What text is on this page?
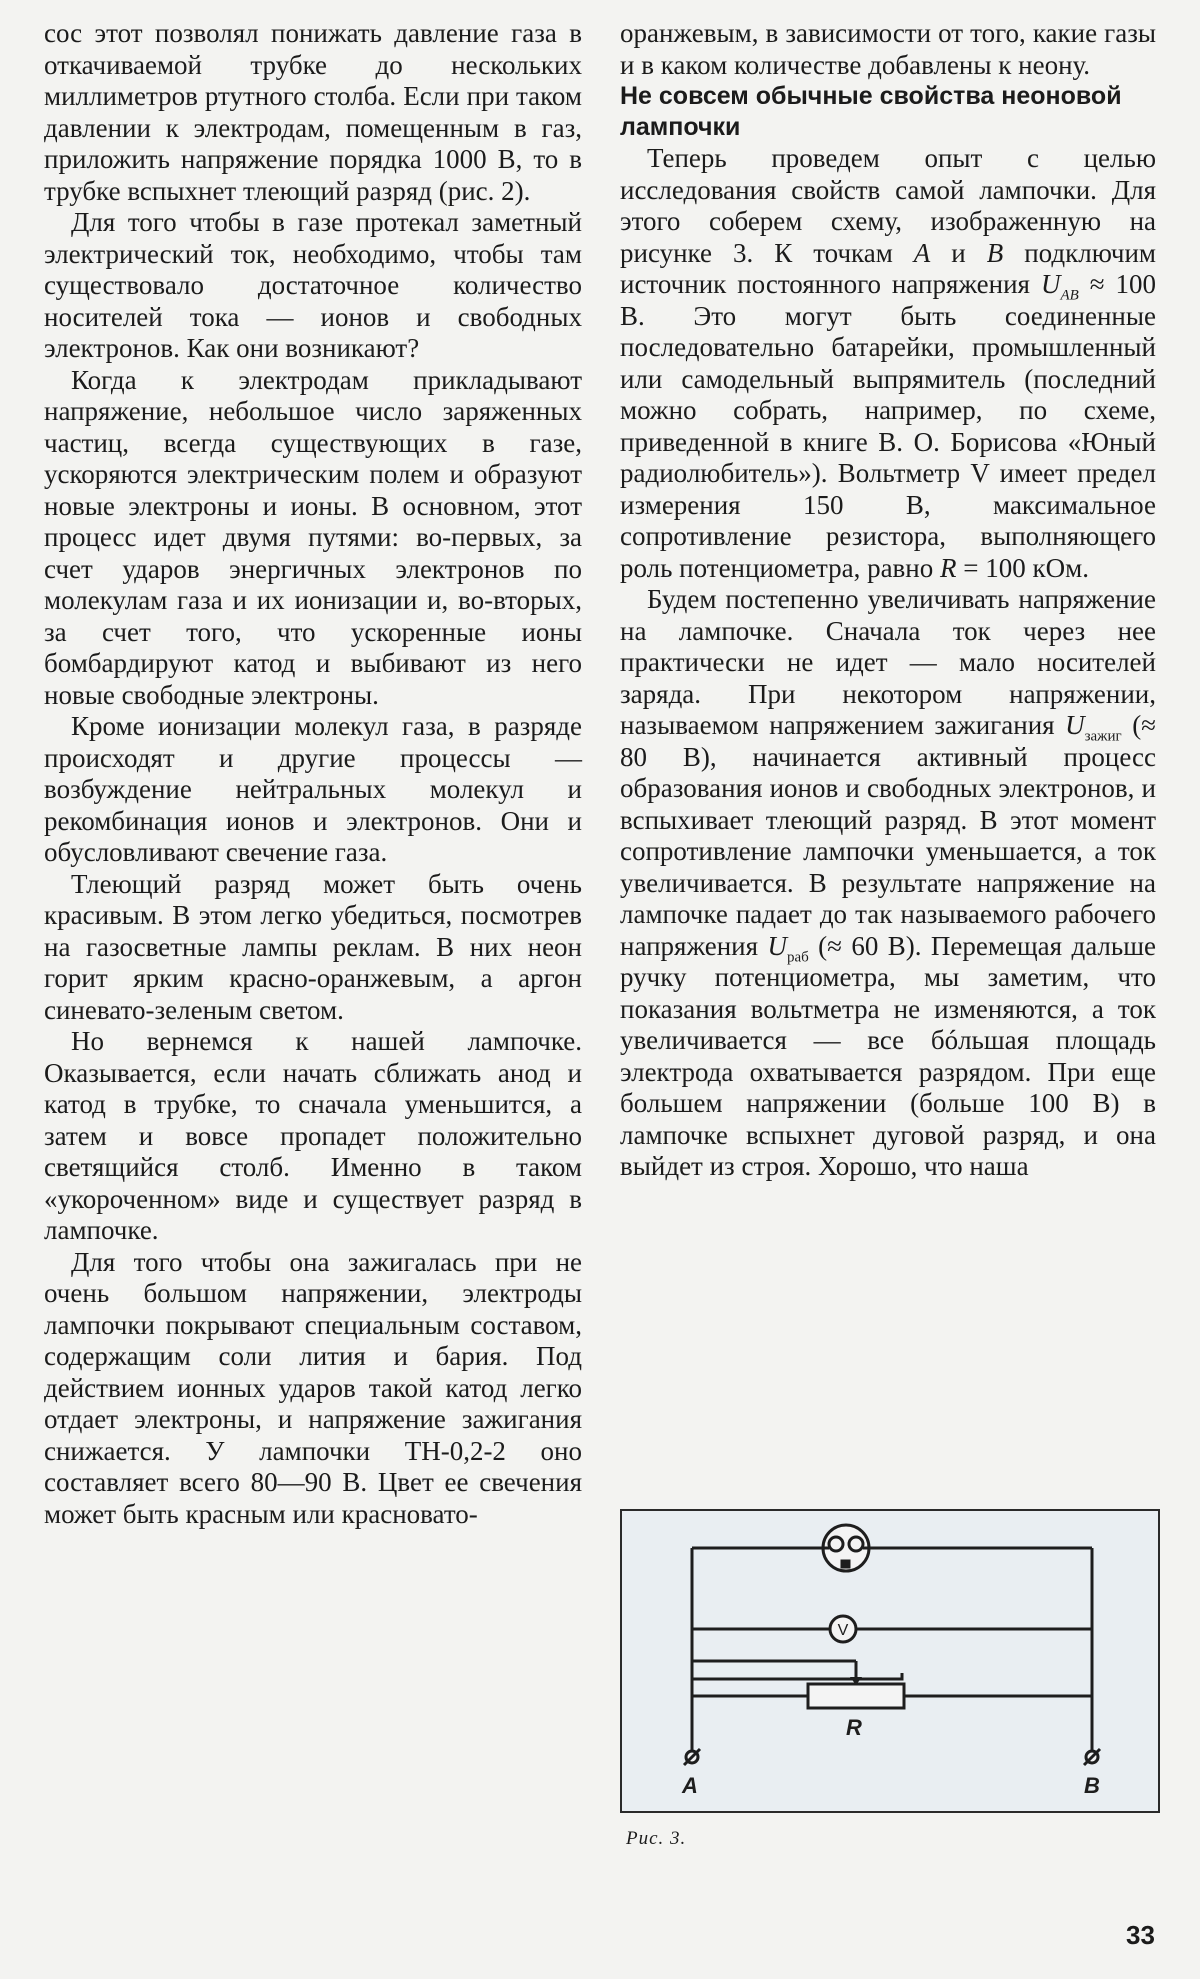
сос этот позволял понижать давление газа в откачиваемой трубке до нескольких миллиметров ртутного столба. Если при таком давлении к электродам, помещенным в газ, приложить напряжение порядка 1000 В, то в трубке вспыхнет тлеющий разряд (рис. 2).

Для того чтобы в газе протекал заметный электрический ток, необходимо, чтобы там существовало достаточное количество носителей тока — ионов и свободных электронов. Как они возникают?

Когда к электродам прикладывают напряжение, небольшое число заряженных частиц, всегда существующих в газе, ускоряются электрическим полем и образуют новые электроны и ионы. В основном, этот процесс идет двумя путями: во-первых, за счет ударов энергичных электронов по молекулам газа и их ионизации и, во-вторых, за счет того, что ускоренные ионы бомбардируют катод и выбивают из него новые свободные электроны.

Кроме ионизации молекул газа, в разряде происходят и другие процессы — возбуждение нейтральных молекул и рекомбинация ионов и электронов. Они и обусловливают свечение газа.

Тлеющий разряд может быть очень красивым. В этом легко убедиться, посмотрев на газосветные лампы реклам. В них неон горит ярким красно-оранжевым, а аргон синевато-зеленым светом.

Но вернемся к нашей лампочке. Оказывается, если начать сближать анод и катод в трубке, то сначала уменьшится, а затем и вовсе пропадет положительно светящийся столб. Именно в таком «укороченном» виде и существует разряд в лампочке.

Для того чтобы она зажигалась при не очень большом напряжении, электроды лампочки покрывают специальным составом, содержащим соли лития и бария. Под действием ионных ударов такой катод легко отдает электроны, и напряжение зажигания снижается. У лампочки ТН-0,2-2 оно составляет всего 80—90 В. Цвет ее свечения может быть красным или красновато-

оранжевым, в зависимости от того, какие газы и в каком количестве добавлены к неону.

Не совсем обычные свойства неоновой лампочки

Теперь проведем опыт с целью исследования свойств самой лампочки. Для этого соберем схему, изображенную на рисунке 3. К точкам A и B подключим источник постоянного напряжения $U_{AB} \approx 100$ В. Это могут быть соединенные последовательно батарейки, промышленный или самодельный выпрямитель (последний можно собрать, например, по схеме, приведенной в книге В. О. Борисова «Юный радиолюбитель»). Вольтметр V имеет предел измерения 150 В, максимальное сопротивление резистора, выполняющего роль потенциометра, равно R = 100 кОм.

Будем постепенно увеличивать напряжение на лампочке. Сначала ток через нее практически не идет — мало носителей заряда. При некотором напряжении, называемом напряжением зажигания $U_{зажиг}$ (≈ 80 В), начинается активный процесс образования ионов и свободных электронов, и вспыхивает тлеющий разряд. В этот момент сопротивление лампочки уменьшается, а ток увеличивается. В результате напряжение на лампочке падает до так называемого рабочего напряжения $U_{раб}$ (≈ 60 В). Перемещая дальше ручку потенциометра, мы заметим, что показания вольтметра не изменяются, а ток увеличивается — все бóльшая площадь электрода охватывается разрядом. При еще большем напряжении (больше 100 В) в лампочке вспыхнет дуговой разряд, и она выйдет из строя. Хорошо, что наша

V
R
A	B
Рис. 3.
33
